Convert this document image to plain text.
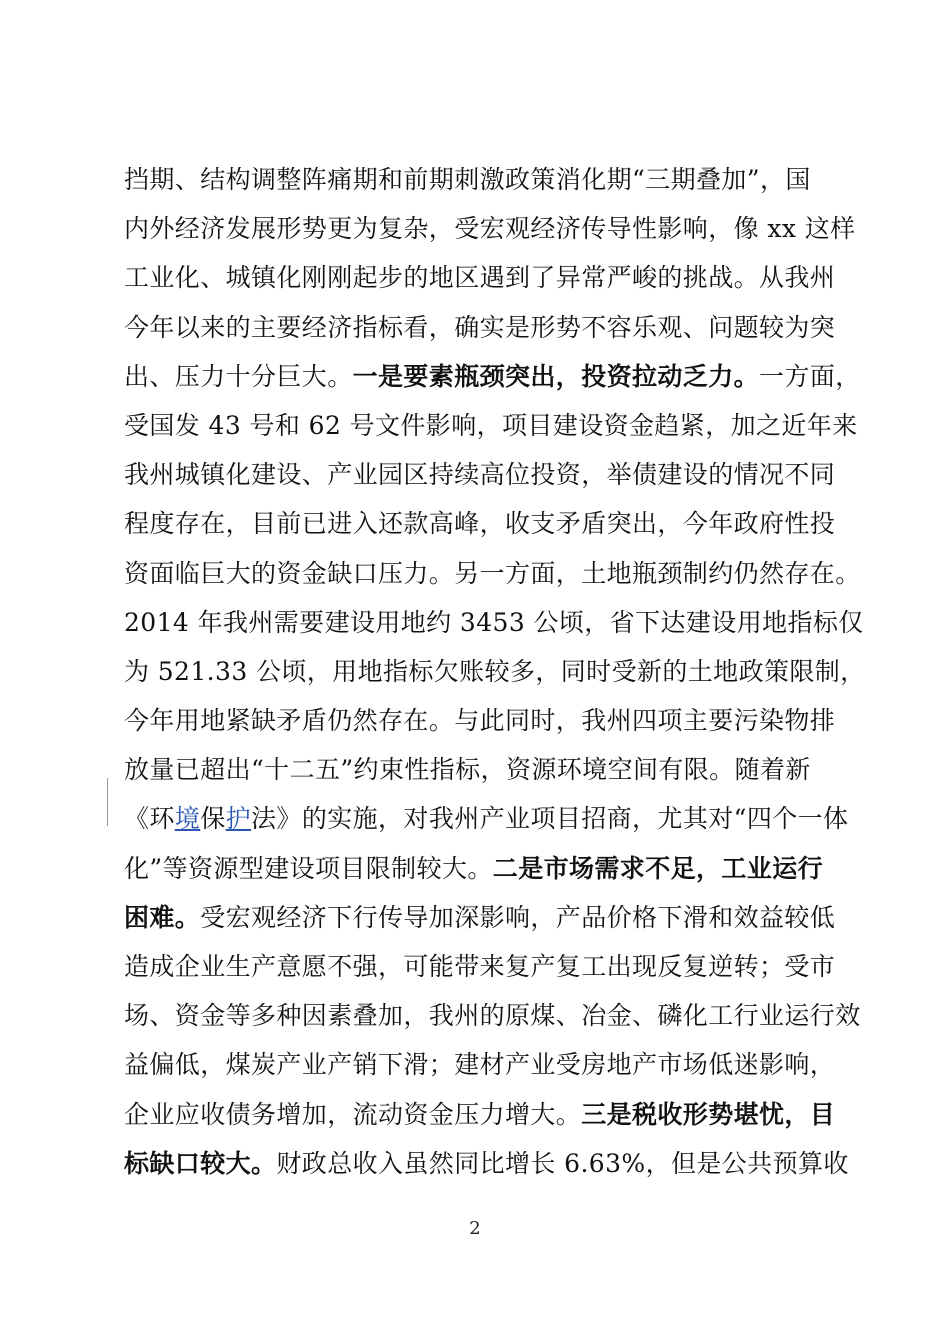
挡期、结构调整阵痛期和前期刺激政策消化期“三期叠加”，国
内外经济发展形势更为复杂，受宏观经济传导性影响，像 xx 这样
工业化、城镇化刚刚起步的地区遇到了异常严峻的挑战。从我州
今年以来的主要经济指标看，确实是形势不容乐观、问题较为突
出、压力十分巨大。一是要素瓶颈突出，投资拉动乏力。一方面，
受国发 43 号和 62 号文件影响，项目建设资金趋紧，加之近年来
我州城镇化建设、产业园区持续高位投资，举债建设的情况不同
程度存在，目前已进入还款高峰，收支矛盾突出，今年政府性投
资面临巨大的资金缺口压力。另一方面，土地瓶颈制约仍然存在。
2014 年我州需要建设用地约 3453 公顷，省下达建设用地指标仅
为 521.33 公顷，用地指标欠账较多，同时受新的土地政策限制，
今年用地紧缺矛盾仍然存在。与此同时，我州四项主要污染物排
放量已超出“十二五”约束性指标，资源环境空间有限。随着新
《环境保护法》的实施，对我州产业项目招商，尤其对“四个一体
化”等资源型建设项目限制较大。二是市场需求不足，工业运行
困难。受宏观经济下行传导加深影响，产品价格下滑和效益较低
造成企业生产意愿不强，可能带来复产复工出现反复逆转；受市
场、资金等多种因素叠加，我州的原煤、冶金、磷化工行业运行效
益偏低，煤炭产业产销下滑；建材产业受房地产市场低迷影响，
企业应收债务增加，流动资金压力增大。三是税收形势堪忧，目
标缺口较大。财政总收入虽然同比增长 6.63%，但是公共预算收
2
